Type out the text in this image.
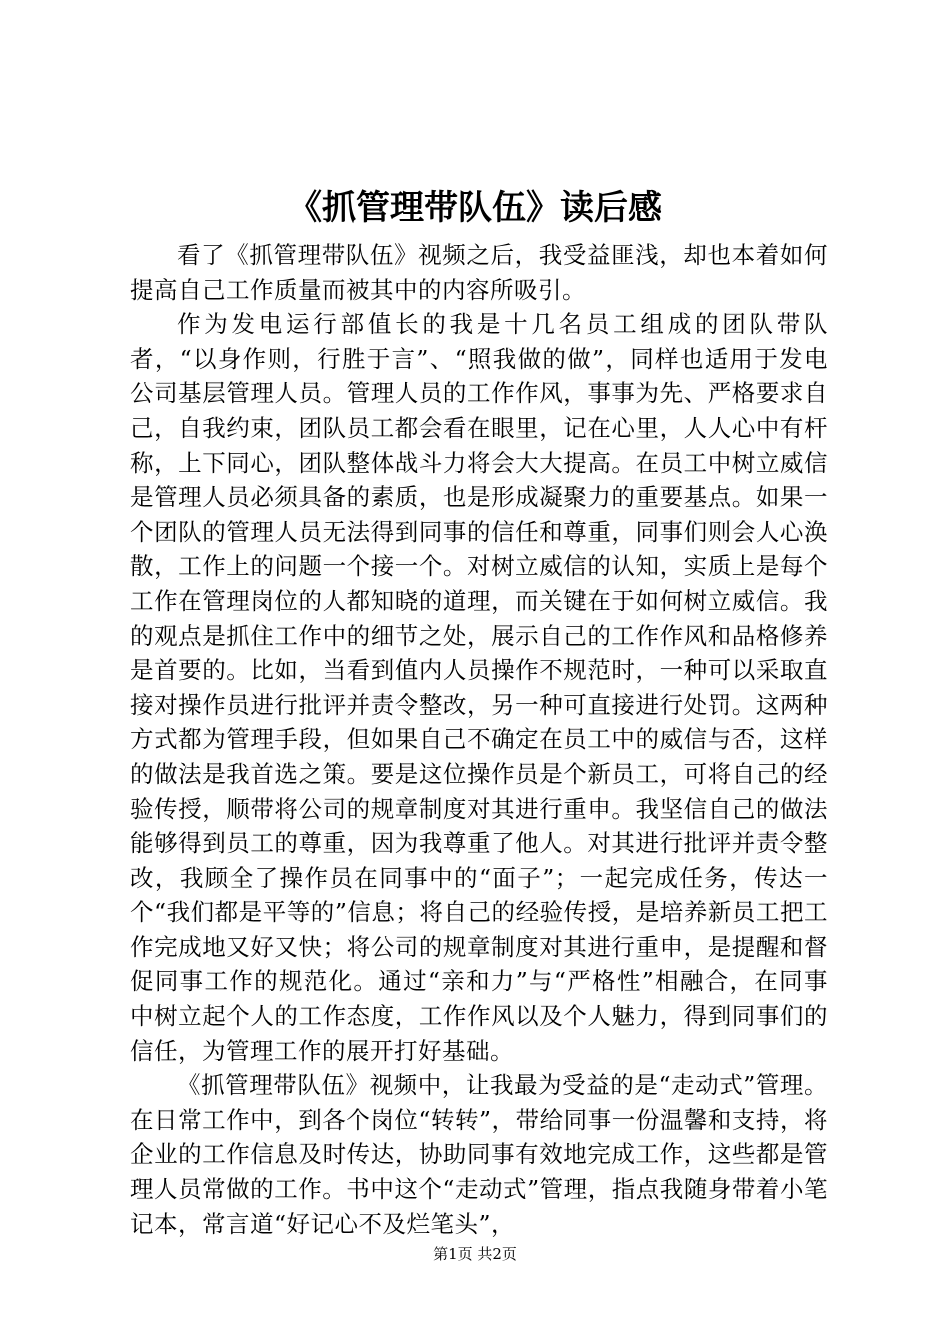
《抓管理带队伍》读后感

看了《抓管理带队伍》视频之后，我受益匪浅，却也本着如何提高自己工作质量而被其中的内容所吸引。

作为发电运行部值长的我是十几名员工组成的团队带队者，“以身作则，行胜于言”、“照我做的做”，同样也适用于发电公司基层管理人员。管理人员的工作作风，事事为先、严格要求自己，自我约束，团队员工都会看在眼里，记在心里，人人心中有杆称，上下同心，团队整体战斗力将会大大提高。在员工中树立威信是管理人员必须具备的素质，也是形成凝聚力的重要基点。如果一个团队的管理人员无法得到同事的信任和尊重，同事们则会人心涣散，工作上的问题一个接一个。对树立威信的认知，实质上是每个工作在管理岗位的人都知晓的道理，而关键在于如何树立威信。我的观点是抓住工作中的细节之处，展示自己的工作作风和品格修养是首要的。比如，当看到值内人员操作不规范时，一种可以采取直接对操作员进行批评并责令整改，另一种可直接进行处罚。这两种方式都为管理手段，但如果自己不确定在员工中的威信与否，这样的做法是我首选之策。要是这位操作员是个新员工，可将自己的经验传授，顺带将公司的规章制度对其进行重申。我坚信自己的做法能够得到员工的尊重，因为我尊重了他人。对其进行批评并责令整改，我顾全了操作员在同事中的“面子”；一起完成任务，传达一个“我们都是平等的”信息；将自己的经验传授，是培养新员工把工作完成地又好又快；将公司的规章制度对其进行重申，是提醒和督促同事工作的规范化。通过“亲和力”与“严格性”相融合，在同事中树立起个人的工作态度，工作作风以及个人魅力，得到同事们的信任，为管理工作的展开打好基础。

《抓管理带队伍》视频中，让我最为受益的是“走动式”管理。在日常工作中，到各个岗位“转转”，带给同事一份温馨和支持，将企业的工作信息及时传达，协助同事有效地完成工作，这些都是管理人员常做的工作。书中这个“走动式”管理，指点我随身带着小笔记本，常言道“好记心不及烂笔头”，

第1页 共2页
